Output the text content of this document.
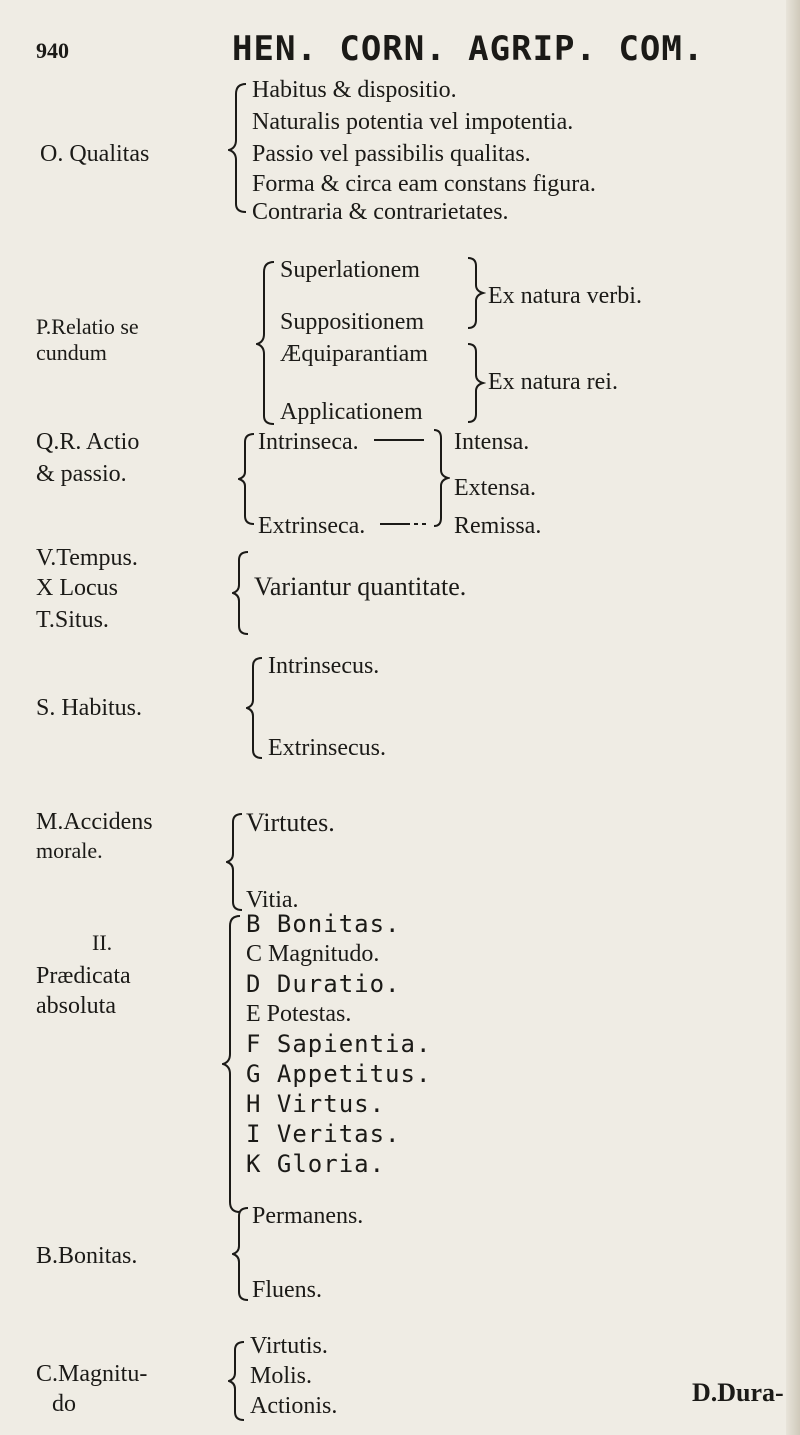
940	HEN. CORN. AGRIP. COM.
O. Qualitas
Habitus & dispositio.
Naturalis potentia vel impotentia.
Passio vel passibilis qualitas.
Forma & circa eam constans figura.
Contraria & contrarietates.
P.Relatio se
cundum
Superlationem
Suppositionem
Æquiparantiam
Applicationem
Ex natura verbi.
Ex natura rei.
Q.R. Actio
& passio.
Intrinseca.
Extrinseca.
Intensa.
Extensa.
Remissa.
V.Tempus.
X Locus
T.Situs.
Variantur quantitate.
S. Habitus.
Intrinsecus.
Extrinsecus.
M.Accidens
morale.
Virtutes.
Vitia.
II.
Prædicata
absoluta
B Bonitas.
C Magnitudo.
D Duratio.
E Potestas.
F Sapientia.
G Appetitus.
H Virtus.
I Veritas.
K Gloria.
B.Bonitas.
Permanens.
Fluens.
C.Magnitu-
do
Virtutis.
Molis.
Actionis.	D.Dura-
